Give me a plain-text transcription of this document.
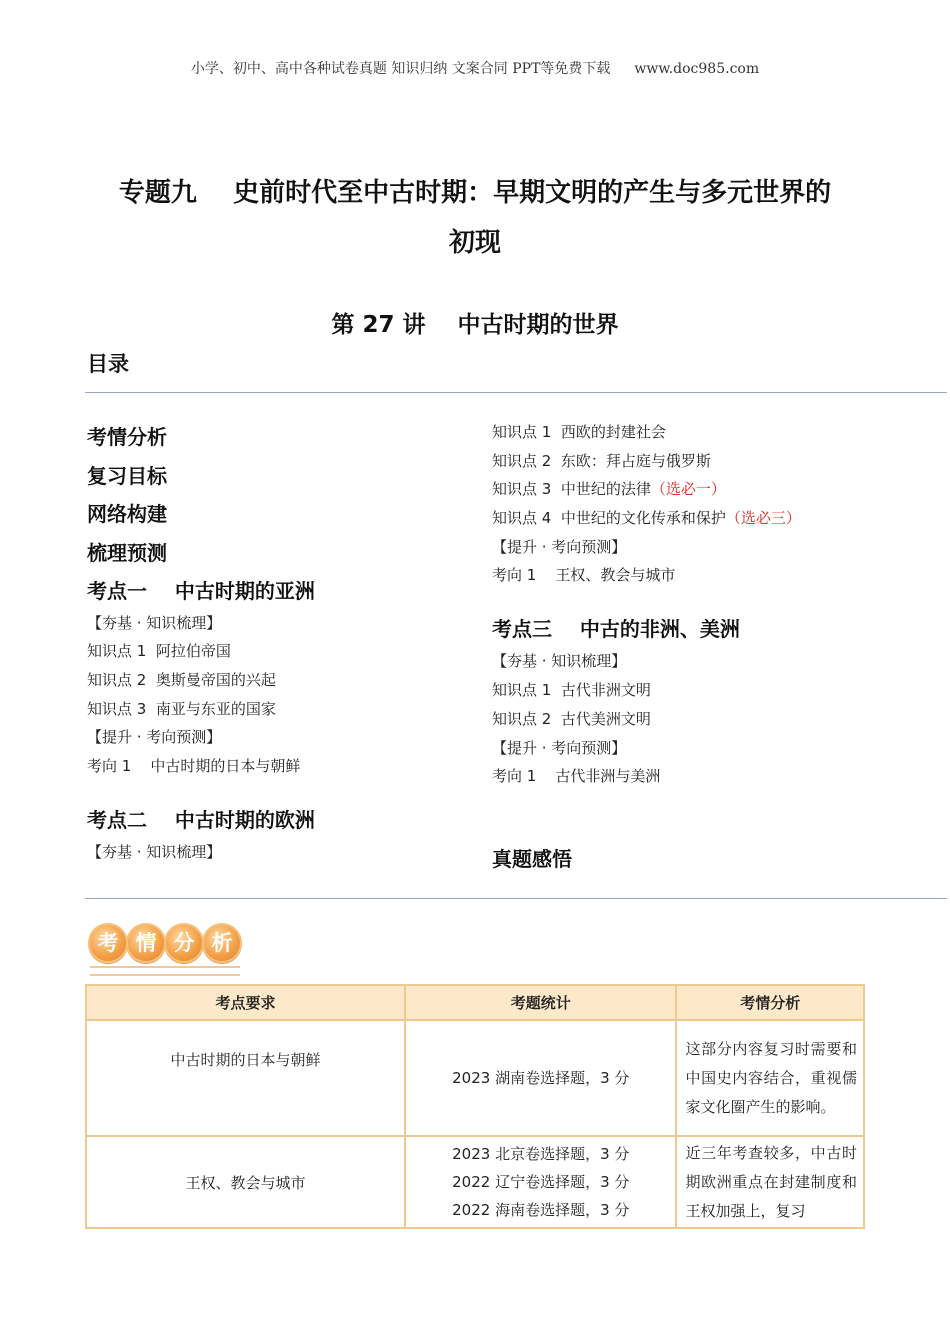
小学、初中、高中各种试卷真题 知识归纳 文案合同 PPT等免费下载 www.doc985.com
专题九    史前时代至中古时期：早期文明的产生与多元世界的
初现
第 27 讲    中古时期的世界
目录
考情分析
复习目标
网络构建
梳理预测
考点一    中古时期的亚洲
【夯基 · 知识梳理】
知识点 1  阿拉伯帝国
知识点 2  奥斯曼帝国的兴起
知识点 3  南亚与东亚的国家
【提升 · 考向预测】
考向 1    中古时期的日本与朝鲜
考点二    中古时期的欧洲
【夯基 · 知识梳理】
知识点 1  西欧的封建社会
知识点 2  东欧：拜占庭与俄罗斯
知识点 3  中世纪的法律（选必一）
知识点 4  中世纪的文化传承和保护（选必三）
【提升 · 考向预测】
考向 1    王权、教会与城市
考点三    中古的非洲、美洲
【夯基 · 知识梳理】
知识点 1  古代非洲文明
知识点 2  古代美洲文明
【提升 · 考向预测】
考向 1    古代非洲与美洲
真题感悟
考 情 分 析
考点要求	考题统计	考情分析
中古时期的日本与朝鲜	2023 湖南卷选择题，3 分	这部分内容复习时需要和中国史内容结合，重视儒家文化圈产生的影响。
王权、教会与城市	2023 北京卷选择题，3 分
2022 辽宁卷选择题，3 分
2022 海南卷选择题，3 分	近三年考查较多，中古时期欧洲重点在封建制度和王权加强上，复习
